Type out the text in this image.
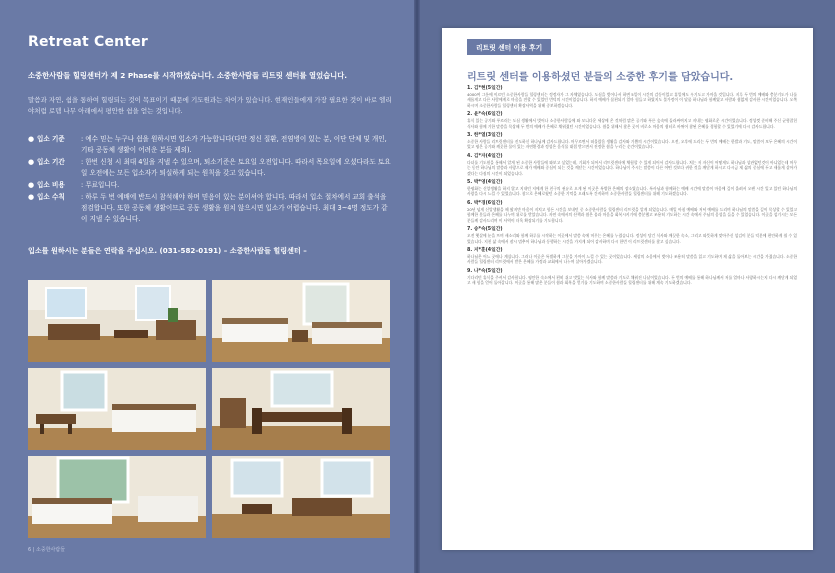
Retreat Center
소중한사람들 힐링센터가 제 2 Phase를 시작하였습니다. 소중한사람들 리트릿 센터를 열었습니다.
말씀과 자연, 쉼을 통하여 힐링되는 것이 목표이기 때문에 기도원과는 차이가 있습니다. 현재인들에게 가장 필요한 것이 바로 엘리야처럼 로뎀 나무 아래에서 평안한 쉼을 얻는 것입니다.
● 입소 기준	: 예수 믿는 누구나 쉼을 원하시면 입소가 가능합니다(다만 정신 질환, 전염병이 있는 분, 이단 단체 및 개인, 기타 공동체 생활이 어려운 분들 제외).
● 입소 기간	: 한번 신청 시 최대 4일을 지낼 수 있으며, 퇴소기준은 토요일 오전입니다. 따라서 목요일에 오셨다라도 토요일 오전에는 모든 입소자가 퇴실하게 되는 원칙을 갖고 있습니다.
● 입소 비용	: 무료입니다.
● 입소 수칙	: 하루 두 번 예배에 반드시 참석해야 하며 믿음이 있는 분이셔야 합니다. 따라서 입소 절차에서 교회 출석을 점검합니다. 또한 공동체 생활이므로 공동 생활을 원치 않으시면 입소가 어렵습니다. 최대 3~4명 정도가 같이 지낼 수 있습니다.
입소를 원하시는 분들은 연락을 주십시오. (031-582-0191) – 소중한사람들 힐링센터 –
6 | 소중한사람들
리트릿 센터 이용 후기
리트릿 센터를 이용하셨던 분들의 소중한 후기를 담았습니다.
1. 김*현(5일간)
4000여 그릇에 이르던 소중한사람들 힐링센터는 정정자가 그 자체였습니다. 도심을 벗어나서 하면 5일이 시간의 감동이었고 휴일에도 우기도고 가까울 것입니다. 지루 두 번의 예배와 충분기도가 나를 새롭게고 다른 사람에게로 마음을 전할 수 있었던 번덕의 시간이었습니다. 하지 예배가 몸편되기 얼마 힘들고 하였지도 불가정이 이 달콤 하나님과 함께였고 사람과 쉼없게 감사한 시간이었습니다. 오쪽하시며 소중한사람들 힐링센터 확장사역을 위해 중보하겠습니다.
2. 윤*숙(6일간)
휴식 있는 공기와 푸르러는 도심 생활에서 벗어나 소중한사람들에 와 모니다운 세상에 온 것처럼 맑은 공기와 푸른 숲속에 둘러싸여지고 지내는 평화로운 시간이었습니다. 정성껏 준비해 주신 균형잡힌 식사와 함께 기한 말씀을 묵상해 두 번의 예배가 은혜로 채워졌던 시간이었습니다. 쉼을 위해서 찾은 곳이 비로소 마음의 쉼터로 바뀌어 참된 은혜를 경험할 수 있었기에 다시 감사드립니다.
3. 한*열(3일간)
소중한 사람들 리트릿센터를 진도하신 하나님께 감사드립니다. 머무르면서 떠올랐음 생활을 감사와 기쁨의 시간이었습니다. 오전, 오후에 드리는 두 번의 예배는 한발과 기도, 말씀이 모두 은혜의 시간이었고 평온 공기와 깨끗한 물이 있는 자연환경과 정성은 음식물 대접 받으면서 진정한 쉼을 누리는 순간이었습니다.
4. 김*자(4일간)
다녀를 기도원을 통해서 알게 된 소중한 사람들에 와보고 싶었는데, 기회가 되어서 리트릿센터에 체험할 수 있게 되어서 감사드립니다. 처는 저 자신이 어떻게도 하나님과 상관없던것이 아니었는데 머무는 동안 하나님의 말씀과 사랑으로 제가 예배와 중심이 되는 것을 깨닫는 시간이었습니다. 하나님이 주시는 말씀이 다른 어떤 것보다 귀한 것을 깨닫게 하시고 다시금 제 삶의 중심에 두고 새롭게 살아가겠다는 다짐의 시간이 되었습니다.
5. 박*영(4일간)
한평화는 신앙생활을 하지 않고 지내던 저에게 한 친구의 권유로 오게 된 이곳은 특별한 은혜의 장소였습니다. 특사님과 함께하는 예배 시간에 말씀이 마음에 깊이 울려서 오랜 시간 잊고 있던 하나님의 사랑을 다시 느낄 수 있었습니다. 참으로 은혜로웠던 소중한 기억을 오래도록 간직하며 소중한사람들 힐링센터를 위해 기도하겠습니다.
6. 박*경(6일간)
20년 넘게 신앙생활을 해 왔지만 마음이 지치고 힘든 시간을 보내던 중 소중한사람들 힐링센터 리트릿을 알게 되었습니다. 매일 아침 예배와 저녁 예배를 드리며 하나님의 말씀을 깊이 묵상할 수 있었고 함께한 분들과 은혜를 나누며 위로를 받았습니다. 자연 속에서의 산책과 쉼은 몸과 마음을 회복시키기에 충분했고 조용히 기도하는 시간 속에서 주님의 음성을 들을 수 있었습니다. 이곳을 섬기시는 모든 분들께 감사드리며 이 사역이 더욱 확장되기를 기도합니다.
7. 송*숙(5일간)
오전 햇살에 눈을 뜨며 새소리와 함께 하루를 시작하는 이곳에서 말씀 속에 머무는 은혜를 누렸습니다. 정성이 담긴 식사와 깨끗한 숙소, 그리고 따뜻하게 맞아주신 섬김이 분들 덕분에 편안하게 쉴 수 있었습니다. 지친 삶 속에서 잠시 멈추어 하나님과 동행하는 시간을 가지게 되어 감사하며 다시 한번 이 리트릿센터를 찾고 싶습니다.
8. 지*훈(4일간)
하나님은 어느 곳에나 계십니다. 그러나 이곳은 특별하게 그분을 가까이 느낄 수 있는 곳이었습니다. 세상의 소음에서 벗어나 조용히 말씀을 읽고 기도하며 제 삶을 돌아보는 시간을 가졌습니다. 소중한사람들 힐링센터 리트릿에서 받은 은혜를 가정과 교회에서 나누며 살아가겠습니다.
9. 나*숙(5일간)
기다리던 휴식을 주셔서 감사합니다. 평안한 숙소에서 편히 쉬고 맛있는 식사와 함께 말씀과 기도로 채워진 나날이었습니다. 두 번의 예배를 통해 하나님께서 저를 얼마나 사랑하시는지 다시 깨닫게 되었고 새 힘을 얻어 돌아갑니다. 이곳을 통해 많은 분들이 쉼과 회복을 얻기를 기도하며 소중한사람들 힐링센터를 위해 계속 기도하겠습니다.
